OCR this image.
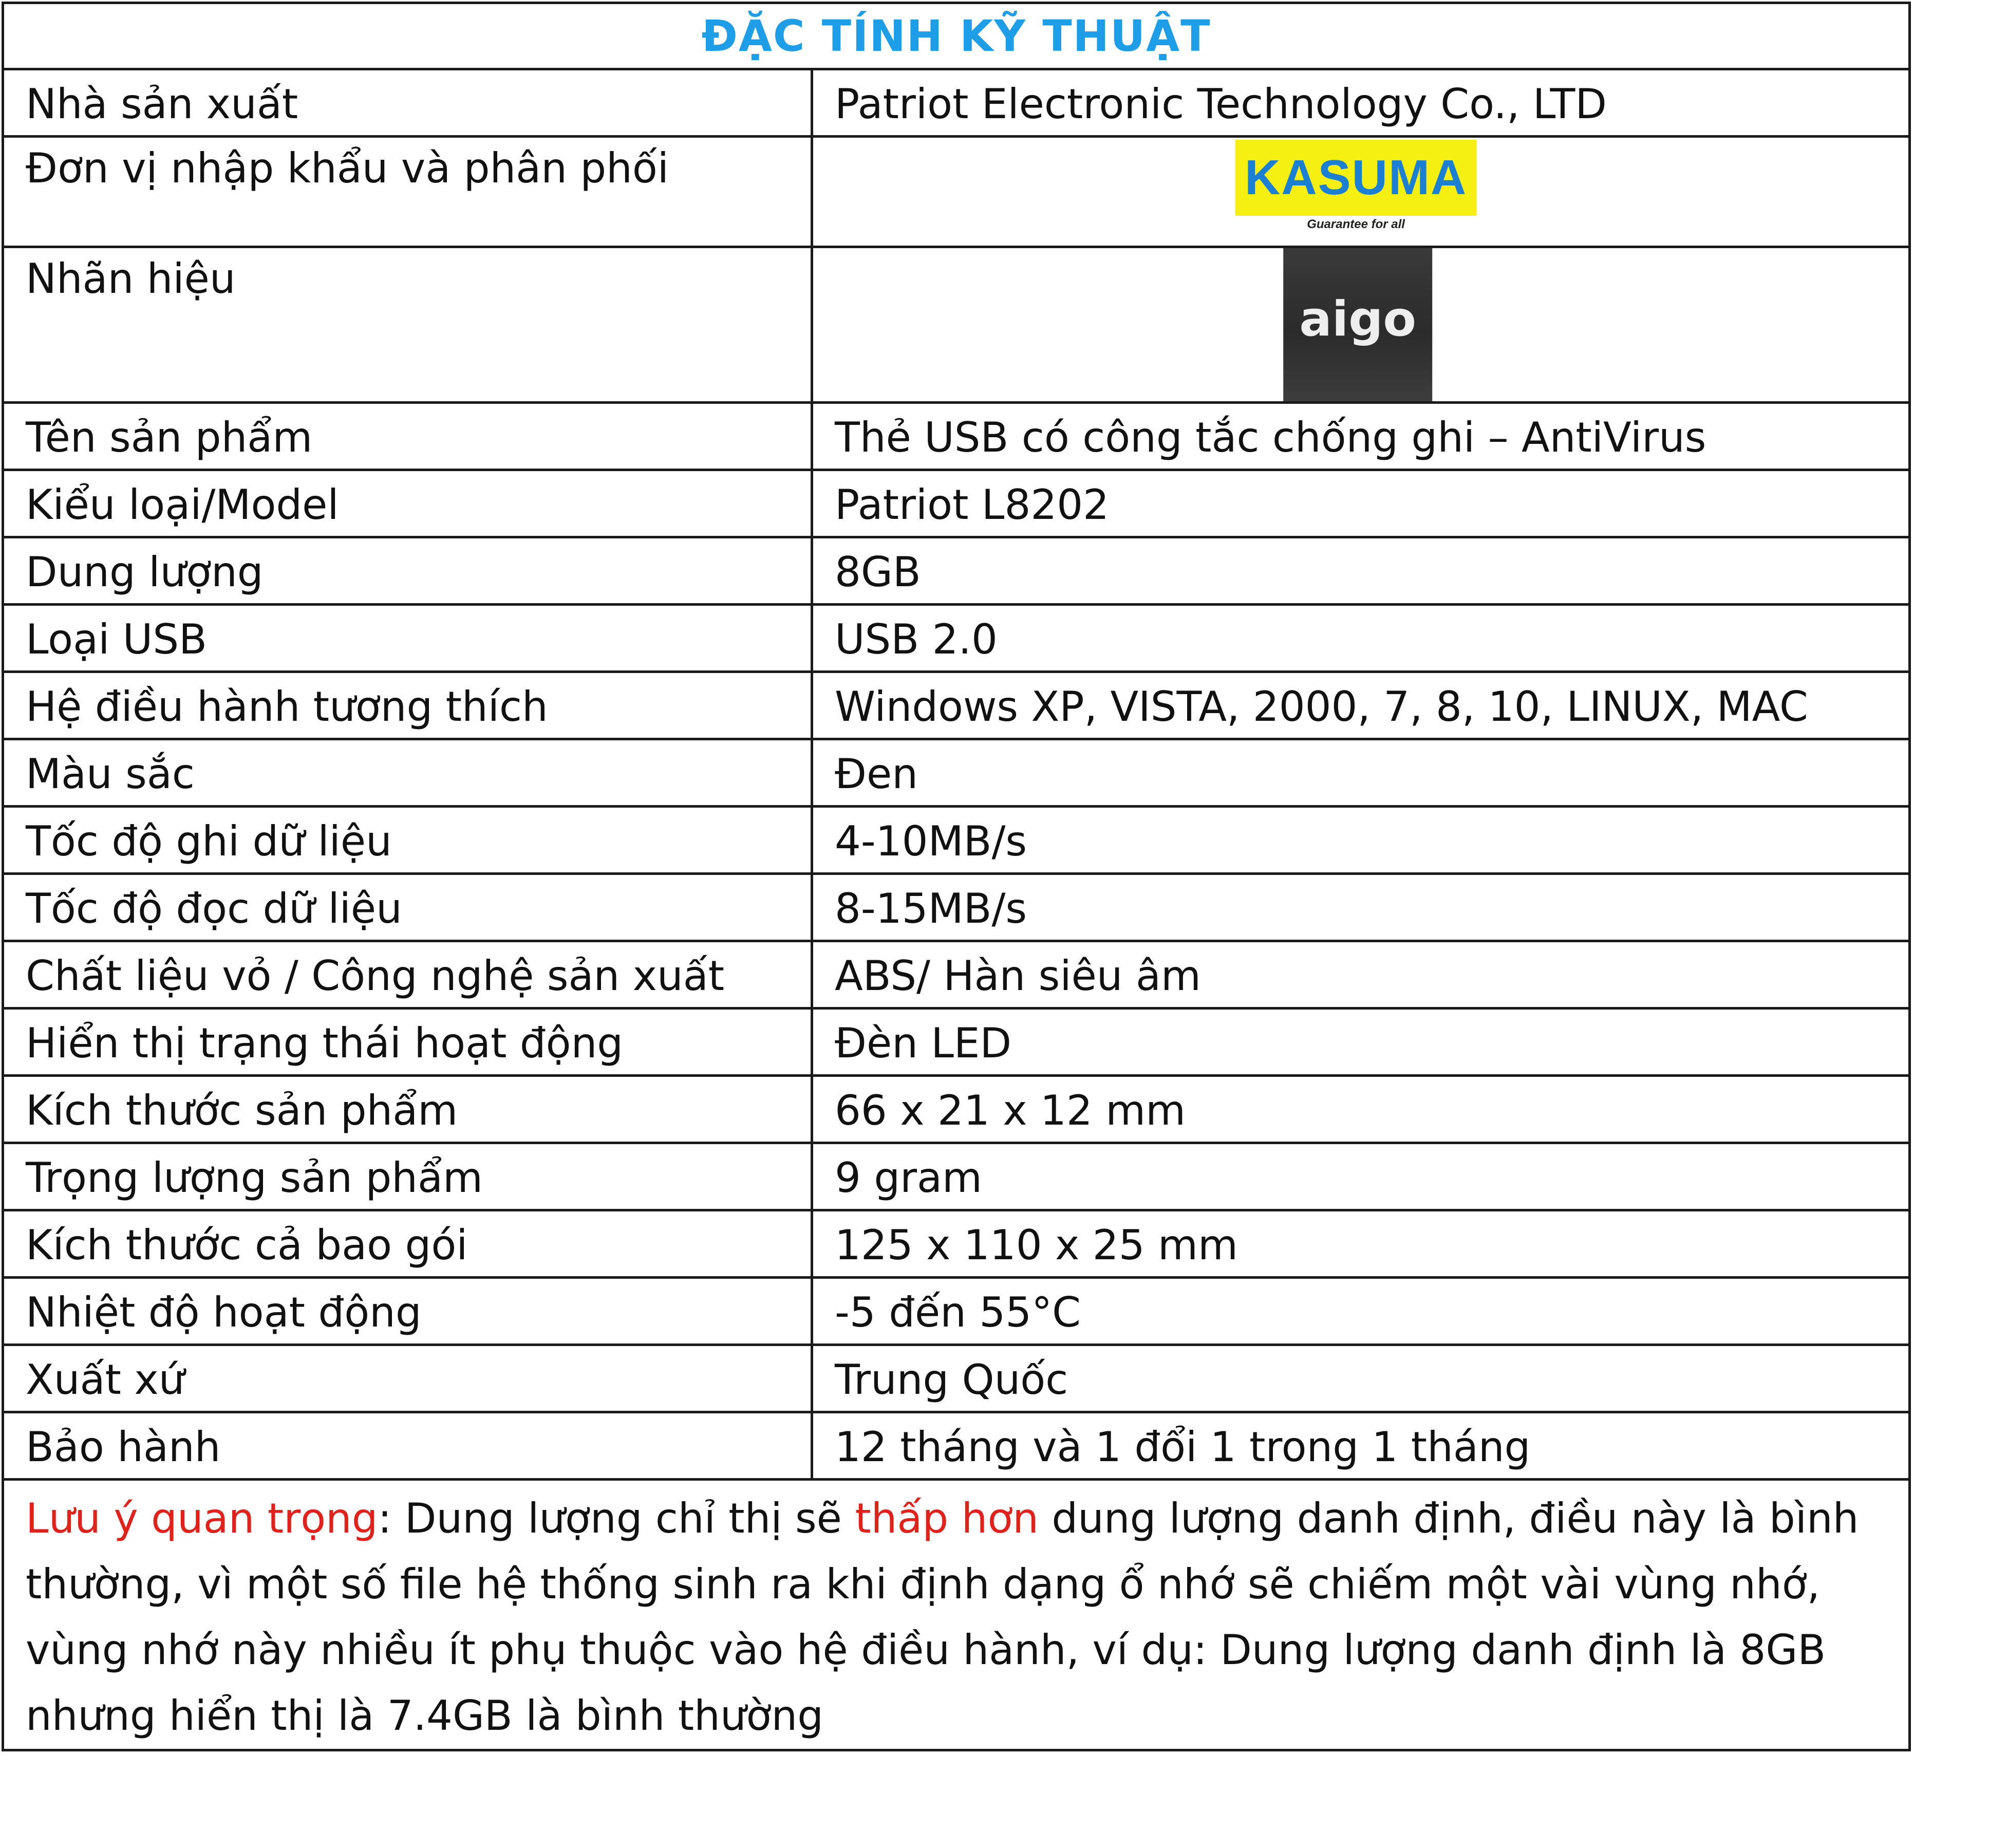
ĐẶC TÍNH KỸ THUẬT	

Nhà sản xuất	Patriot Electronic Technology Co., LTD

Đơn vị nhập khẩu và phân phối	KASUMA
Guarantee for all

Nhãn hiệu	aigo

Tên sản phẩm	Thẻ USB có công tắc chống ghi – AntiVirus

Kiểu loại/Model	Patriot L8202

Dung lượng	8GB

Loại USB	USB 2.0

Hệ điều hành tương thích	Windows XP, VISTA, 2000, 7, 8, 10, LINUX, MAC

Màu sắc	Đen

Tốc độ ghi dữ liệu	4-10MB/s

Tốc độ đọc dữ liệu	8-15MB/s

Chất liệu vỏ / Công nghệ sản xuất	ABS/ Hàn siêu âm

Hiển thị trạng thái hoạt động	Đèn LED

Kích thước sản phẩm	66 x 21 x 12 mm

Trọng lượng sản phẩm	9 gram

Kích thước cả bao gói	125 x 110 x 25 mm

Nhiệt độ hoạt động	-5 đến 55°C

Xuất xứ	Trung Quốc

Bảo hành	12 tháng và 1 đổi 1 trong 1 tháng

Lưu ý quan trọng: Dung lượng chỉ thị sẽ thấp hơn dung lượng danh định, điều này là bình thường, vì một số file hệ thống sinh ra khi định dạng ổ nhớ sẽ chiếm một vài vùng nhớ, vùng nhớ này nhiều ít phụ thuộc vào hệ điều hành, ví dụ: Dung lượng danh định là 8GB nhưng hiển thị là 7.4GB là bình thường	
